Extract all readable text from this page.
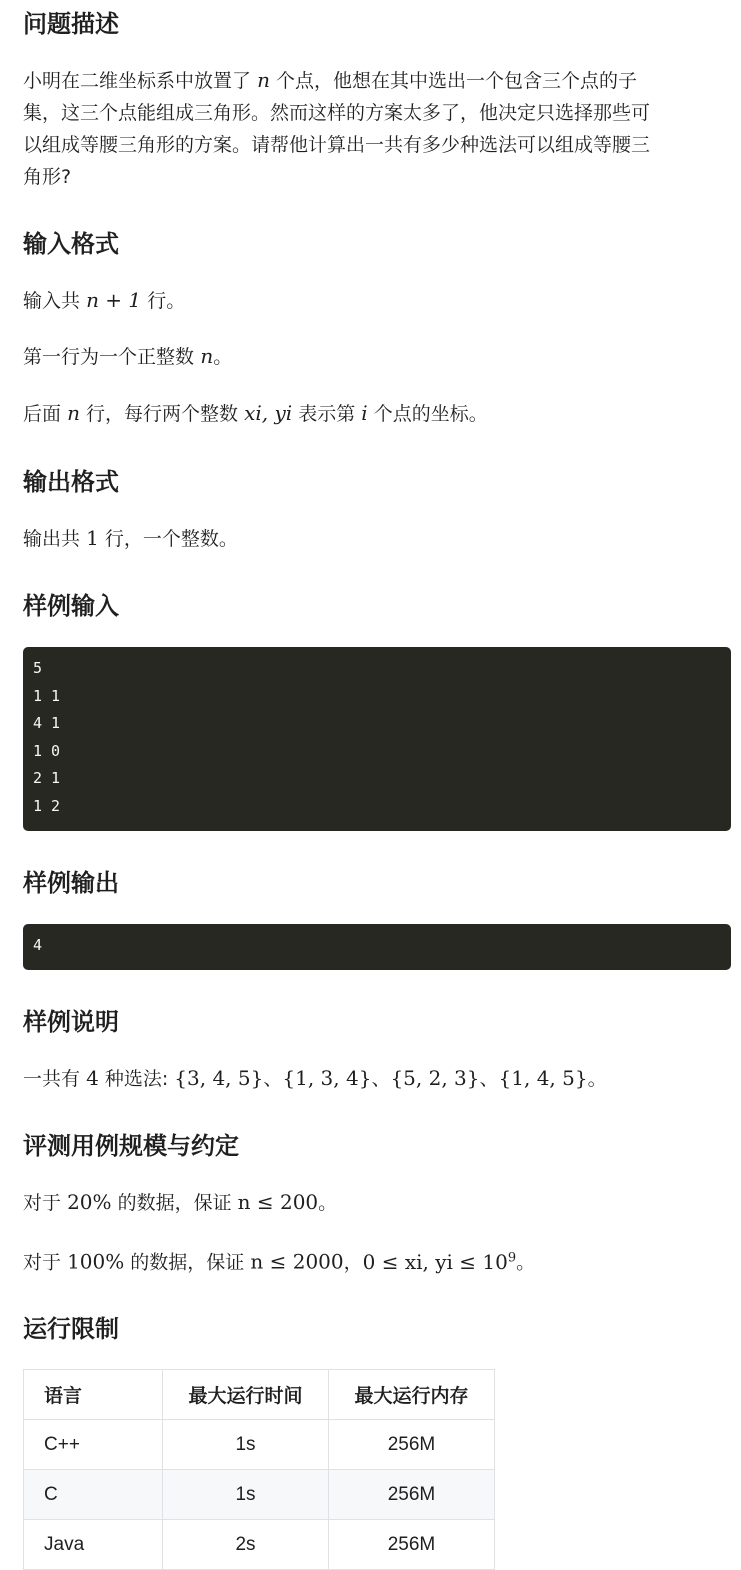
问题描述

小明在二维坐标系中放置了 n 个点，他想在其中选出一个包含三个点的子

集，这三个点能组成三角形。然而这样的方案太多了，他决定只选择那些可

以组成等腰三角形的方案。请帮他计算出一共有多少种选法可以组成等腰三

角形?

输入格式

输入共 n + 1 行。

第一行为一个正整数 n。

后面 n 行，每行两个整数 xi, yi 表示第 i 个点的坐标。

输出格式

输出共 1 行，一个整数。

样例输入
5
1 1
4 1
1 0
2 1
1 2
样例输出
4
样例说明

一共有 4 种选法: {3, 4, 5}、{1, 3, 4}、{5, 2, 3}、{1, 4, 5}。

评测用例规模与约定

对于 20% 的数据，保证 n ≤ 200。

对于 100% 的数据，保证 n ≤ 2000，0 ≤ xi, yi ≤ $10^9$。

运行限制
语言	最大运行时间	最大运行内存
C++	1s	256M
C	1s	256M
Java	2s	256M
